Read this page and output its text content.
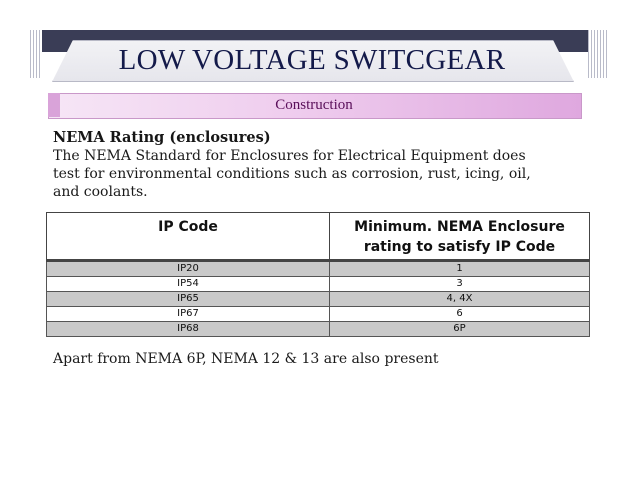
LOW VOLTAGE SWITCGEAR
Construction
NEMA Rating (enclosures)
The NEMA Standard for Enclosures for Electrical Equipment does test for environmental conditions such as corrosion, rust, icing, oil, and coolants.
IP Code	Minimum. NEMA Enclosure rating to satisfy IP Code
IP20	1
IP54	3
IP65	4, 4X
IP67	6
IP68	6P
Apart from NEMA 6P, NEMA 12 & 13 are also present
